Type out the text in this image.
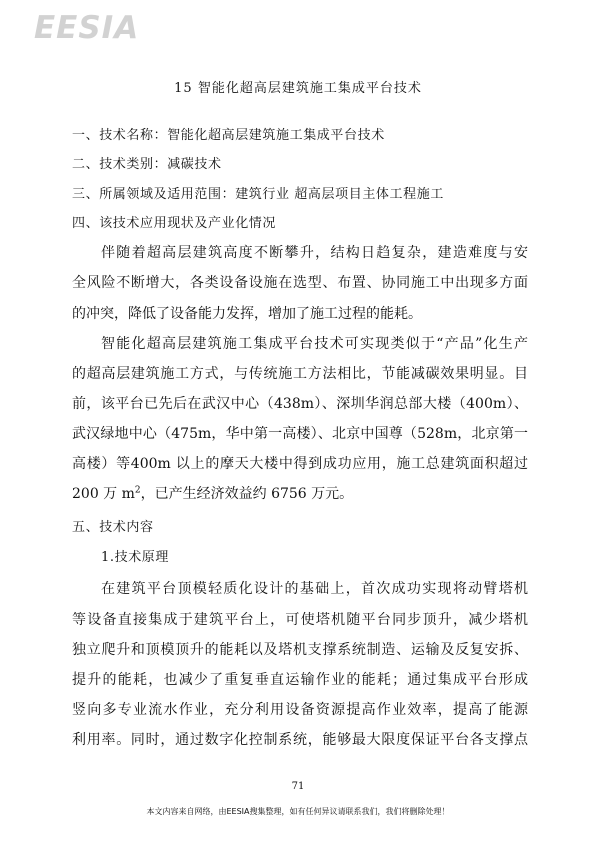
EESIA
15 智能化超高层建筑施工集成平台技术
一、技术名称：智能化超高层建筑施工集成平台技术
二、技术类别：减碳技术
三、所属领域及适用范围：建筑行业 超高层项目主体工程施工
四、该技术应用现状及产业化情况
伴随着超高层建筑高度不断攀升，结构日趋复杂，建造难度与安
全风险不断增大，各类设备设施在选型、布置、协同施工中出现多方面
的冲突，降低了设备能力发挥，增加了施工过程的能耗。
智能化超高层建筑施工集成平台技术可实现类似于“产品”化生产
的超高层建筑施工方式，与传统施工方法相比，节能减碳效果明显。目
前，该平台已先后在武汉中心（438m）、深圳华润总部大楼（400m）、
武汉绿地中心（475m，华中第一高楼）、北京中国尊（528m，北京第一
高楼）等400m 以上的摩天大楼中得到成功应用，施工总建筑面积超过
200 万 $m^2$，已产生经济效益约 6756 万元。
五、技术内容
1.技术原理
在建筑平台顶模轻质化设计的基础上，首次成功实现将动臂塔机
等设备直接集成于建筑平台上，可使塔机随平台同步顶升，减少塔机
独立爬升和顶模顶升的能耗以及塔机支撑系统制造、运输及反复安拆、
提升的能耗，也减少了重复垂直运输作业的能耗；通过集成平台形成
竖向多专业流水作业，充分利用设备资源提高作业效率，提高了能源
利用率。同时，通过数字化控制系统，能够最大限度保证平台各支撑点
71
本文内容来自网络，由EESIA搜集整理，如有任何异议请联系我们，我们将删除处理！
